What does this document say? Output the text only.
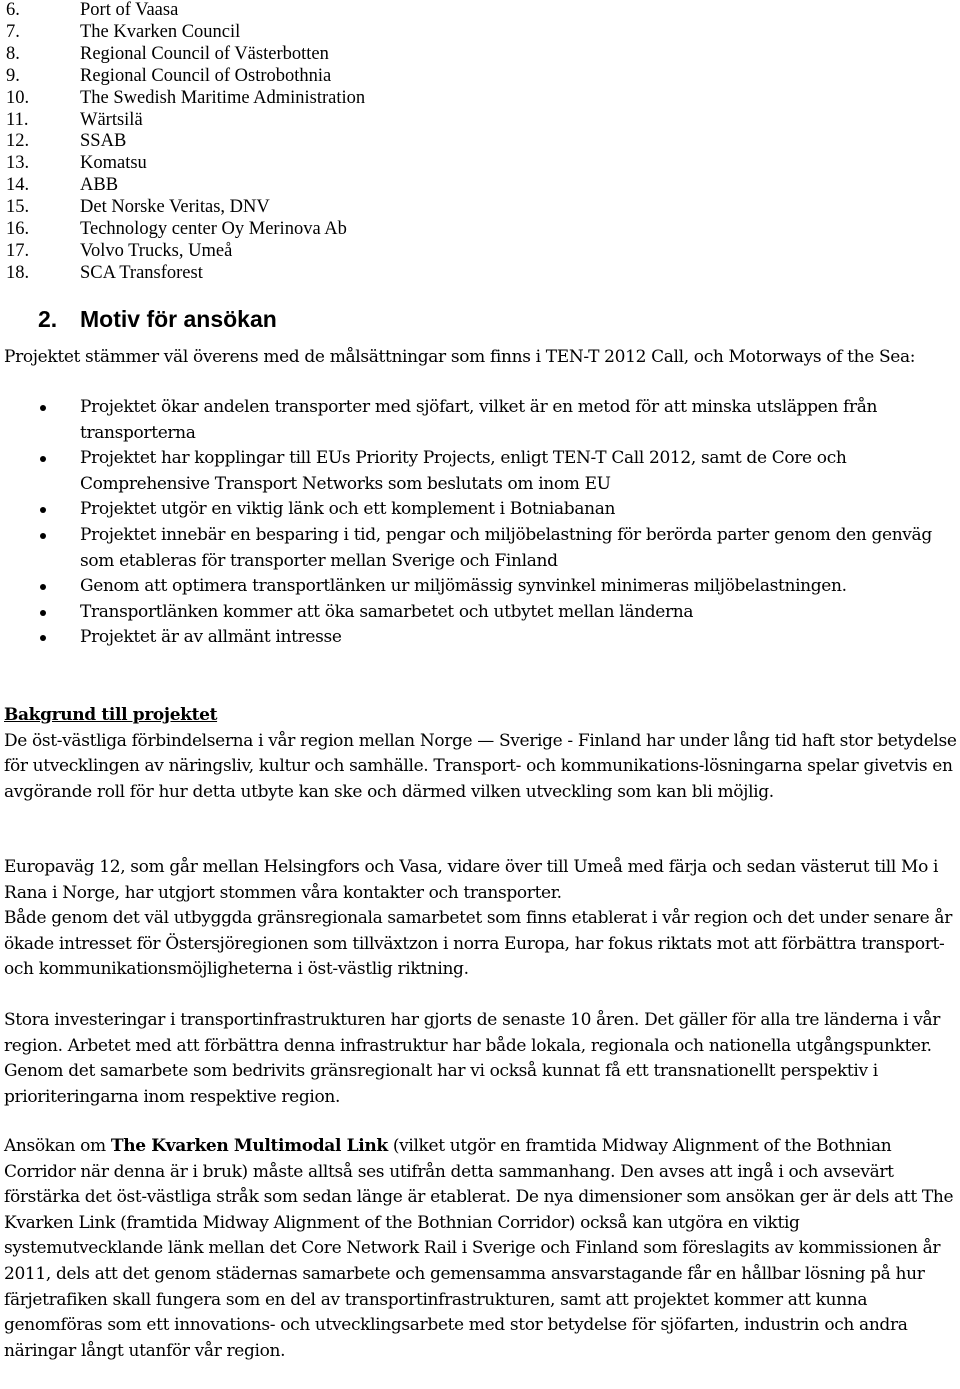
6.	Port of Vaasa
7.	The Kvarken Council
8.	Regional Council of Västerbotten
9.	Regional Council of Ostrobothnia
10.	The Swedish Maritime Administration
11.	Wärtsilä
12.	SSAB
13.	Komatsu
14.	ABB
15.	Det Norske Veritas, DNV
16.	Technology center Oy Merinova Ab
17.	Volvo Trucks, Umeå
18.	SCA Transforest
2. Motiv för ansökan

Projektet stämmer väl överens med de målsättningar som finns i TEN-T 2012 Call, och Motorways of the Sea:

Projektet ökar andelen transporter med sjöfart, vilket är en metod för att minska utsläppen från transporterna
Projektet har kopplingar till EUs Priority Projects, enligt TEN-T Call 2012, samt de Core och Comprehensive Transport Networks som beslutats om inom EU
Projektet utgör en viktig länk och ett komplement i Botniabanan
Projektet innebär en besparing i tid, pengar och miljöbelastning för berörda parter genom den genväg som etableras för transporter mellan Sverige och Finland
Genom att optimera transportlänken ur miljömässig synvinkel minimeras miljöbelastningen.
Transportlänken kommer att öka samarbetet och utbytet mellan länderna
Projektet är av allmänt intresse
Bakgrund till projektet
De öst-västliga förbindelserna i vår region mellan Norge — Sverige - Finland har under lång tid haft stor betydelse för utvecklingen av näringsliv, kultur och samhälle. Transport- och kommunikations-lösningarna spelar givetvis en avgörande roll för hur detta utbyte kan ske och därmed vilken utveckling som kan bli möjlig.
Europaväg 12, som går mellan Helsingfors och Vasa, vidare över till Umeå med färja och sedan västerut till Mo i Rana i Norge, har utgjort stommen våra kontakter och transporter.
Både genom det väl utbyggda gränsregionala samarbetet som finns etablerat i vår region och det under senare år ökade intresset för Östersjöregionen som tillväxtzon i norra Europa, har fokus riktats mot att förbättra transport- och kommunikationsmöjligheterna i öst-västlig riktning.

Stora investeringar i transportinfrastrukturen har gjorts de senaste 10 åren. Det gäller för alla tre länderna i vår region. Arbetet med att förbättra denna infrastruktur har både lokala, regionala och nationella utgångspunkter. Genom det samarbete som bedrivits gränsregionalt har vi också kunnat få ett transnationellt perspektiv i prioriteringarna inom respektive region.

Ansökan om The Kvarken Multimodal Link (vilket utgör en framtida Midway Alignment of the Bothnian Corridor när denna är i bruk) måste alltså ses utifrån detta sammanhang. Den avses att ingå i och avsevärt förstärka det öst-västliga stråk som sedan länge är etablerat. De nya dimensioner som ansökan ger är dels att The Kvarken Link (framtida Midway Alignment of the Bothnian Corridor) också kan utgöra en viktig systemutvecklande länk mellan det Core Network Rail i Sverige och Finland som föreslagits av kommissionen år 2011, dels att det genom städernas samarbete och gemensamma ansvarstagande får en hållbar lösning på hur färjetrafiken skall fungera som en del av transportinfrastrukturen, samt att projektet kommer att kunna genomföras som ett innovations- och utvecklingsarbete med stor betydelse för sjöfarten, industrin och andra näringar långt utanför vår region.
